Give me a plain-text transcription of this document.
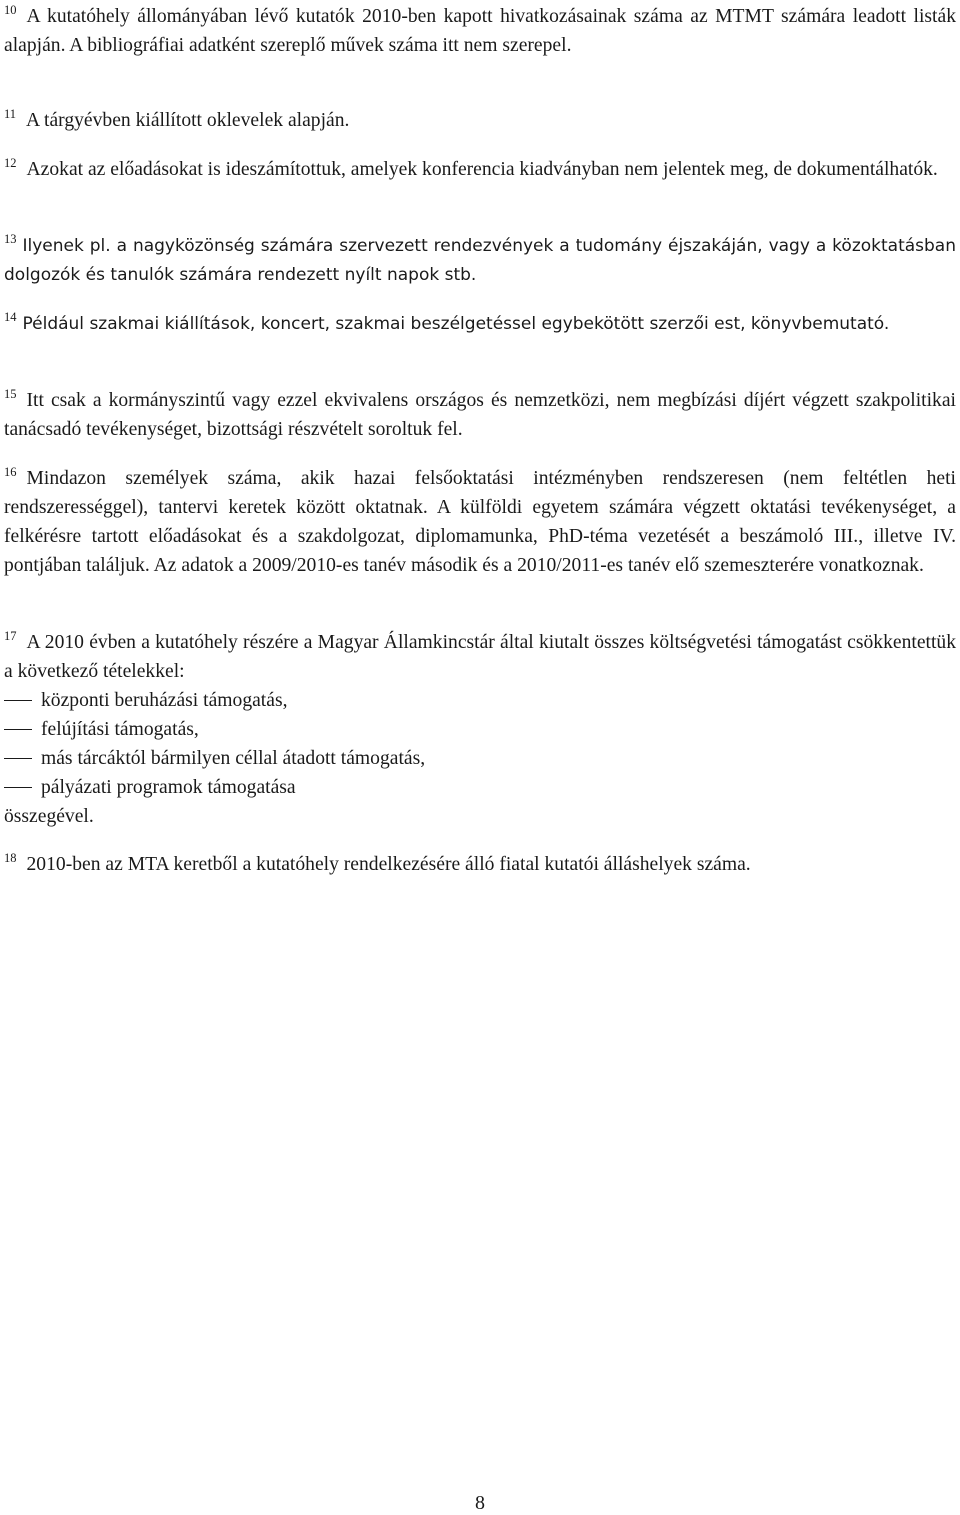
$^{10}$ A kutatóhely állományában lévő kutatók 2010-ben kapott hivatkozásainak száma az MTMT számára leadott listák alapján. A bibliográfiai adatként szereplő művek száma itt nem szerepel.

$^{11}$ A tárgyévben kiállított oklevelek alapján.

$^{12}$ Azokat az előadásokat is ideszámítottuk, amelyek konferencia kiadványban nem jelentek meg, de dokumentálhatók.

$^{13}$ Ilyenek pl. a nagyközönség számára szervezett rendezvények a tudomány éjszakáján, vagy a közoktatásban dolgozók és tanulók számára rendezett nyílt napok stb.

$^{14}$ Például szakmai kiállítások, koncert, szakmai beszélgetéssel egybekötött szerzői est, könyvbemutató.

$^{15}$ Itt csak a kormányszintű vagy ezzel ekvivalens országos és nemzetközi, nem megbízási díjért végzett szakpolitikai tanácsadó tevékenységet, bizottsági részvételt soroltuk fel.

$^{16}$ Mindazon személyek száma, akik hazai felsőoktatási intézményben rendszeresen (nem feltétlen heti rendszerességgel), tantervi keretek között oktatnak. A külföldi egyetem számára végzett oktatási tevékenységet, a felkérésre tartott előadásokat és a szakdolgozat, diplomamunka, PhD-téma vezetését a beszámoló III., illetve IV. pontjában találjuk. Az adatok a 2009/2010-es tanév második és a 2010/2011-es tanév elő szemeszterére vonatkoznak.

$^{17}$ A 2010 évben a kutatóhely részére a Magyar Államkincstár által kiutalt összes költségvetési támogatást csökkentettük a következő tételekkel:

központi beruházási támogatás,
felújítási támogatás,
más tárcáktól bármilyen céllal átadott támogatás,
pályázati programok támogatása

összegével.

$^{18}$ 2010-ben az MTA keretből a kutatóhely rendelkezésére álló fiatal kutatói álláshelyek száma.

8
